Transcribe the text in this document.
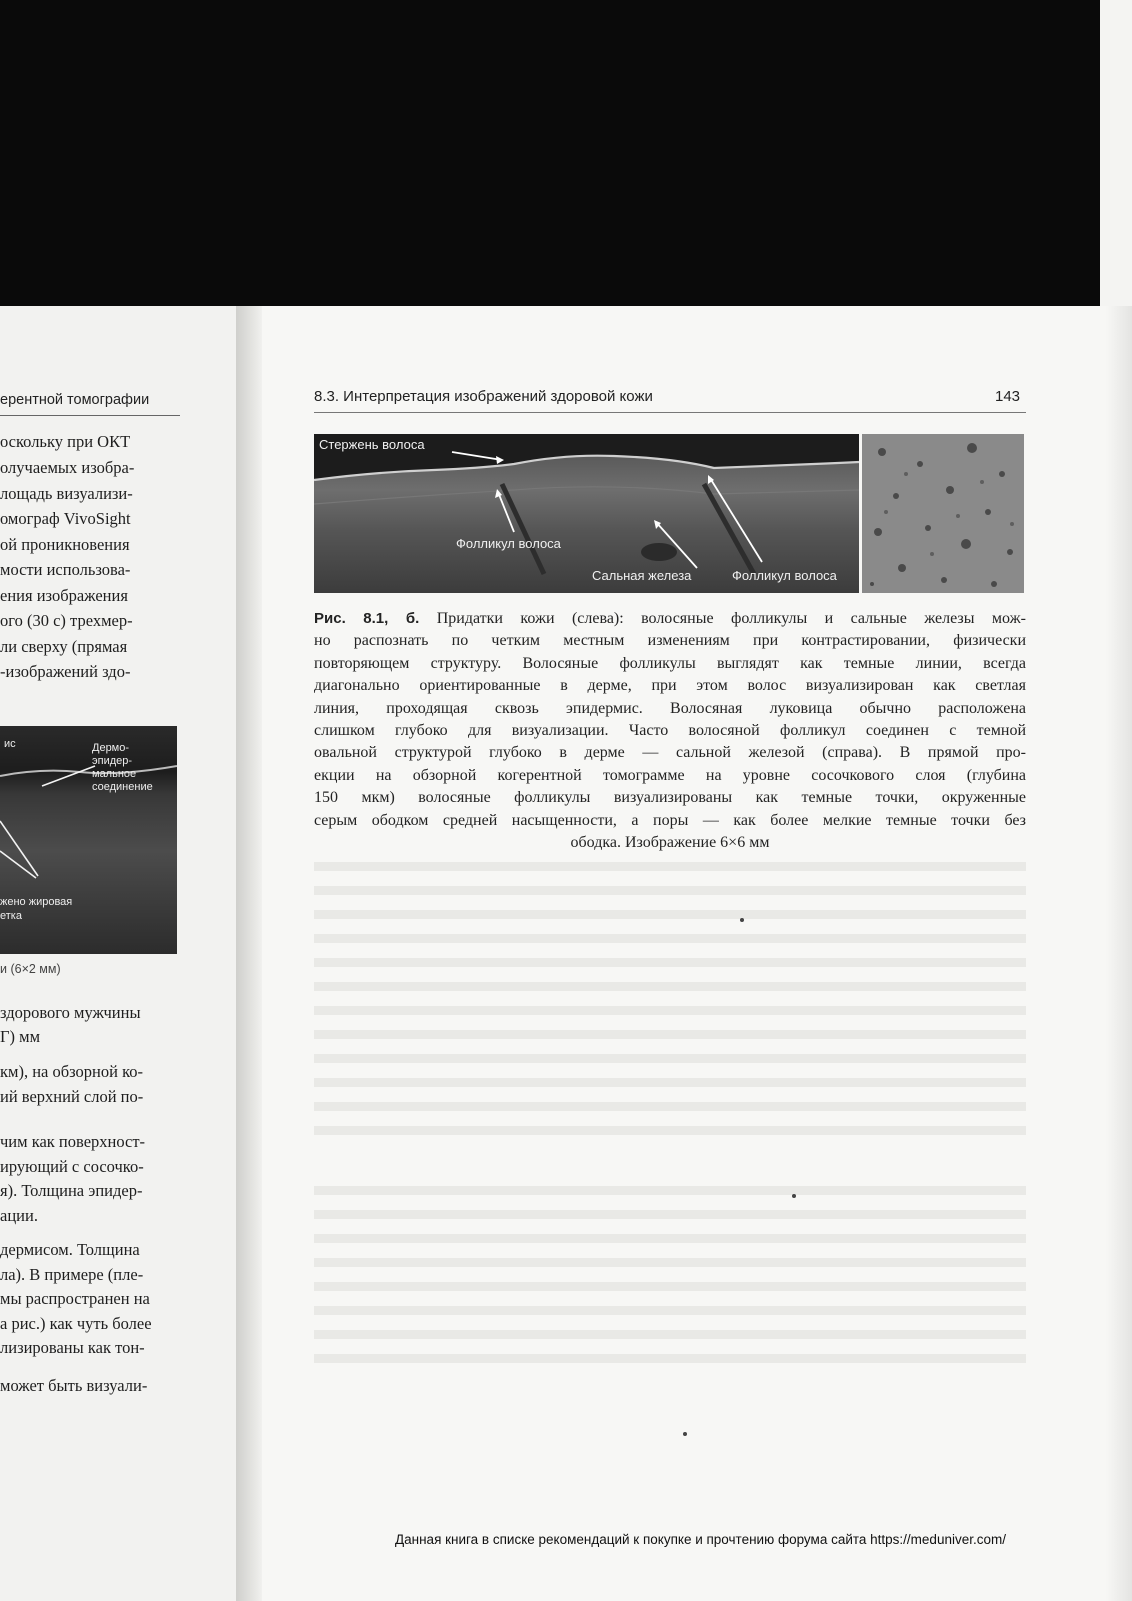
ерентной томографии
оскольку при ОКТ
олучаемых изобра-
лощадь визуализи-
омограф VivoSight
ой проникновения
мости использова-
ения изображения
ого (30 с) трехмер-
ли сверху (прямая
-изображений здо-
ис	Дермо-
эпидер-
мальное
соединение
жено жировая
етка
и (6×2 мм)
здорового мужчины
Г) мм
км), на обзорной ко-
ий верхний слой по-
чим как поверхност-
ирующий с сосочко-
я). Толщина эпидер-
ации.
дермисом. Толщина
ла). В примере (пле-
мы распространен на
а рис.) как чуть более
лизированы как тон-
может быть визуали-
8.3. Интерпретация изображений здоровой кожи	143
Стержень волоса
Фолликул волоса
Сальная железа	Фолликул волоса
Рис. 8.1, б. Придатки кожи (слева): волосяные фолликулы и сальные железы мож-
но распознать по четким местным изменениям при контрастировании, физически
повторяющем структуру. Волосяные фолликулы выглядят как темные линии, всегда
диагонально ориентированные в дерме, при этом волос визуализирован как светлая
линия, проходящая сквозь эпидермис. Волосяная луковица обычно расположена
слишком глубоко для визуализации. Часто волосяной фолликул соединен с темной
овальной структурой глубоко в дерме — сальной железой (справа). В прямой про-
екции на обзорной когерентной томограмме на уровне сосочкового слоя (глубина
150 мкм) волосяные фолликулы визуализированы как темные точки, окруженные
серым ободком средней насыщенности, а поры — как более мелкие темные точки без
ободка. Изображение 6×6 мм
Данная книга в списке рекомендаций к покупке и прочтению форума сайта https://meduniver.com/
